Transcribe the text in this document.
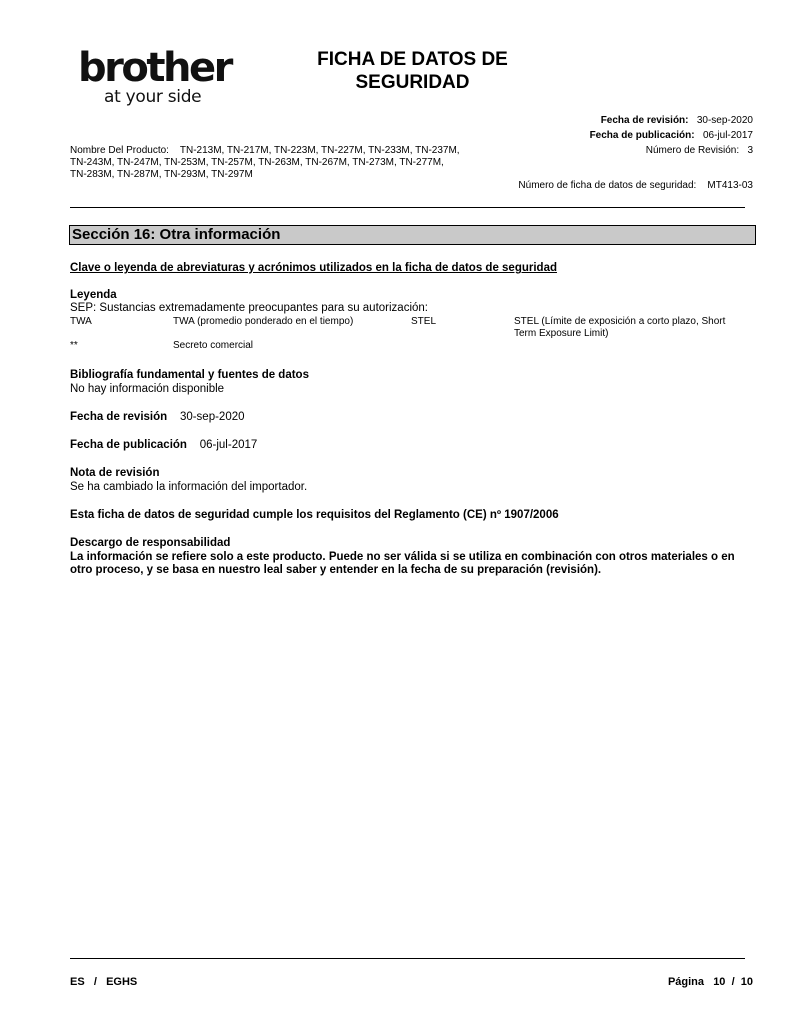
brother
at your side
FICHA DE DATOS DE
SEGURIDAD
Fecha de revisión: 30-sep-2020
Fecha de publicación: 06-jul-2017
Número de Revisión: 3
Nombre Del Producto: TN-213M, TN-217M, TN-223M, TN-227M, TN-233M, TN-237M,
TN-243M, TN-247M, TN-253M, TN-257M, TN-263M, TN-267M, TN-273M, TN-277M,
TN-283M, TN-287M, TN-293M, TN-297M
Número de ficha de datos de seguridad: MT413-03
Sección 16: Otra información
Clave o leyenda de abreviaturas y acrónimos utilizados en la ficha de datos de seguridad
Leyenda
SEP: Sustancias extremadamente preocupantes para su autorización:
TWA	TWA (promedio ponderado en el tiempo)	STEL	STEL (Límite de exposición a corto plazo, Short
Term Exposure Limit)
**	Secreto comercial
Bibliografía fundamental y fuentes de datos
No hay información disponible
Fecha de revisión 30-sep-2020
Fecha de publicación 06-jul-2017
Nota de revisión
Se ha cambiado la información del importador.
Esta ficha de datos de seguridad cumple los requisitos del Reglamento (CE) nº 1907/2006
Descargo de responsabilidad
La información se refiere solo a este producto. Puede no ser válida si se utiliza en combinación con otros materiales o en
otro proceso, y se basa en nuestro leal saber y entender en la fecha de su preparación (revisión).
ES / EGHS	Página 10 / 10
